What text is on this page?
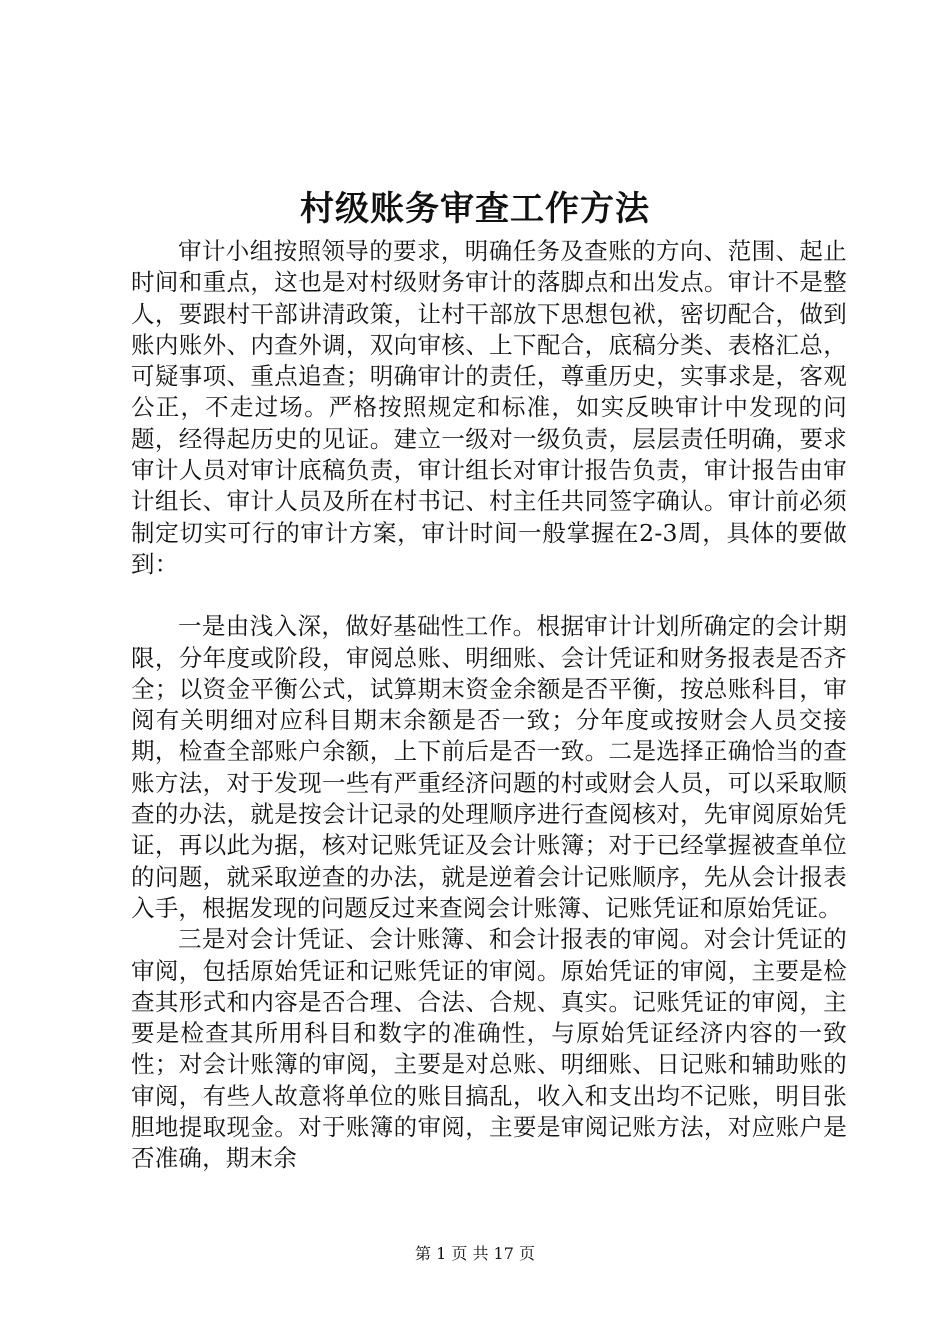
村级账务审查工作方法

审计小组按照领导的要求，明确任务及查账的方向、范围、起止时间和重点，这也是对村级财务审计的落脚点和出发点。审计不是整人，要跟村干部讲清政策，让村干部放下思想包袱，密切配合，做到账内账外、内查外调，双向审核、上下配合，底稿分类、表格汇总，可疑事项、重点追查；明确审计的责任，尊重历史，实事求是，客观公正，不走过场。严格按照规定和标准，如实反映审计中发现的问题，经得起历史的见证。建立一级对一级负责，层层责任明确，要求审计人员对审计底稿负责，审计组长对审计报告负责，审计报告由审计组长、审计人员及所在村书记、村主任共同签字确认。审计前必须制定切实可行的审计方案，审计时间一般掌握在2-3周，具体的要做到：

一是由浅入深，做好基础性工作。根据审计计划所确定的会计期限，分年度或阶段，审阅总账、明细账、会计凭证和财务报表是否齐全；以资金平衡公式，试算期末资金余额是否平衡，按总账科目，审阅有关明细对应科目期末余额是否一致；分年度或按财会人员交接期，检查全部账户余额，上下前后是否一致。二是选择正确恰当的查账方法，对于发现一些有严重经济问题的村或财会人员，可以采取顺查的办法，就是按会计记录的处理顺序进行查阅核对，先审阅原始凭证，再以此为据，核对记账凭证及会计账簿；对于已经掌握被查单位的问题，就采取逆查的办法，就是逆着会计记账顺序，先从会计报表入手，根据发现的问题反过来查阅会计账簿、记账凭证和原始凭证。

三是对会计凭证、会计账簿、和会计报表的审阅。对会计凭证的审阅，包括原始凭证和记账凭证的审阅。原始凭证的审阅，主要是检查其形式和内容是否合理、合法、合规、真实。记账凭证的审阅，主要是检查其所用科目和数字的准确性，与原始凭证经济内容的一致性；对会计账簿的审阅，主要是对总账、明细账、日记账和辅助账的审阅，有些人故意将单位的账目搞乱，收入和支出均不记账，明目张胆地提取现金。对于账簿的审阅，主要是审阅记账方法，对应账户是否准确，期末余

第 1 页 共 17 页
